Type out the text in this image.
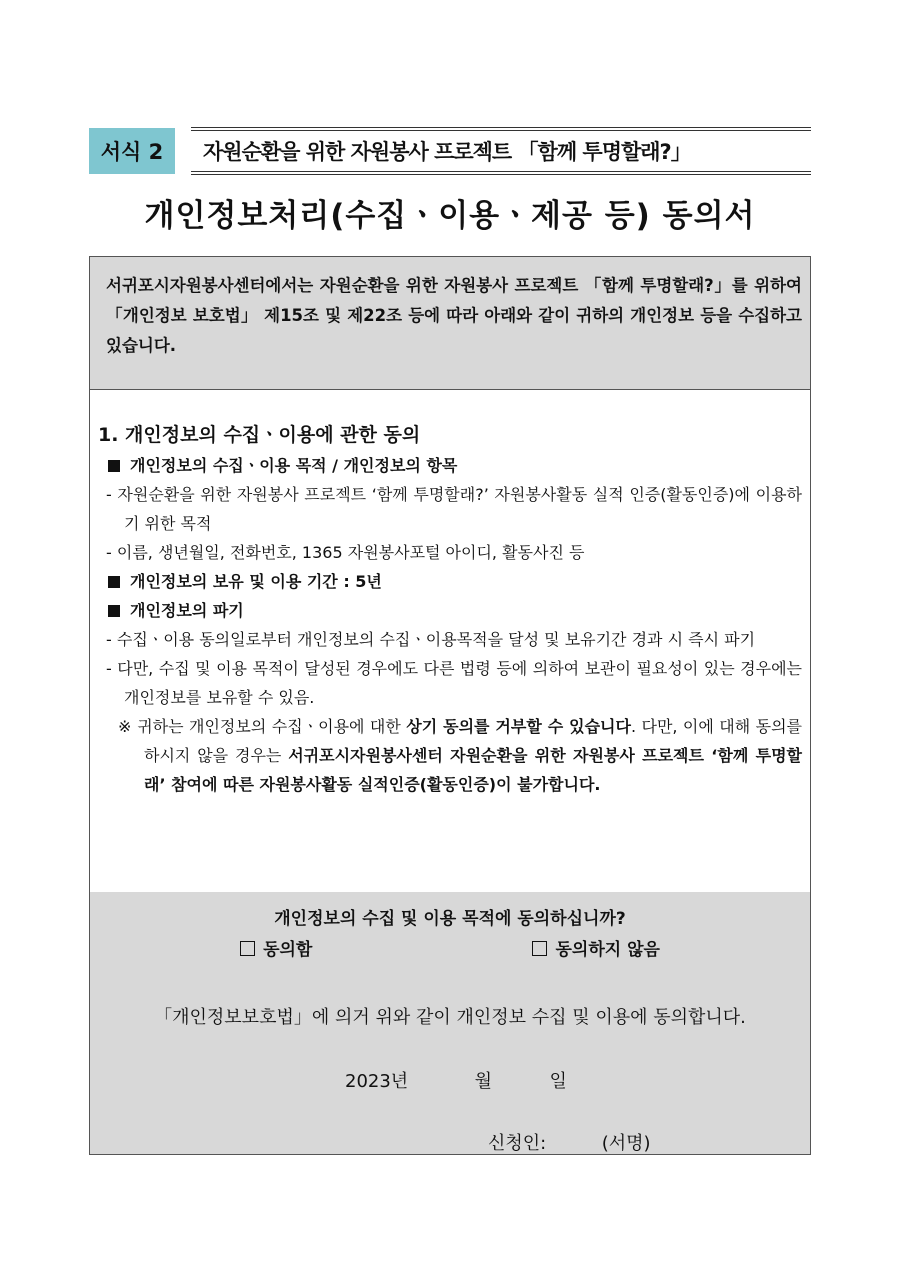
서식 2	자원순환을 위한 자원봉사 프로젝트 「함께 투명할래?」
개인정보처리(수집ㆍ이용ㆍ제공 등) 동의서
서귀포시자원봉사센터에서는 자원순환을 위한 자원봉사 프로젝트 「함께 투명할래?」를 위하여 「개인정보 보호법」 제15조 및 제22조 등에 따라 아래와 같이 귀하의 개인정보 등을 수집하고 있습니다.
1. 개인정보의 수집ㆍ이용에 관한 동의
개인정보의 수집ㆍ이용 목적 / 개인정보의 항목
- 자원순환을 위한 자원봉사 프로젝트 ‘함께 투명할래?’ 자원봉사활동 실적 인증(활동인증)에 이용하기 위한 목적
- 이름, 생년월일, 전화번호, 1365 자원봉사포털 아이디, 활동사진 등
개인정보의 보유 및 이용 기간 : 5년
개인정보의 파기
- 수집ㆍ이용 동의일로부터 개인정보의 수집ㆍ이용목적을 달성 및 보유기간 경과 시 즉시 파기
- 다만, 수집 및 이용 목적이 달성된 경우에도 다른 법령 등에 의하여 보관이 필요성이 있는 경우에는 개인정보를 보유할 수 있음.
※ 귀하는 개인정보의 수집ㆍ이용에 대한 상기 동의를 거부할 수 있습니다. 다만, 이에 대해 동의를 하시지 않을 경우는 서귀포시자원봉사센터 자원순환을 위한 자원봉사 프로젝트 ‘함께 투명할래’ 참여에 따른 자원봉사활동 실적인증(활동인증)이 불가합니다.
개인정보의 수집 및 이용 목적에 동의하십니까?
동의함	동의하지 않음
「개인정보보호법」에 의거 위와 같이 개인정보 수집 및 이용에 동의합니다.
2023년	월	일
신청인:	(서명)
